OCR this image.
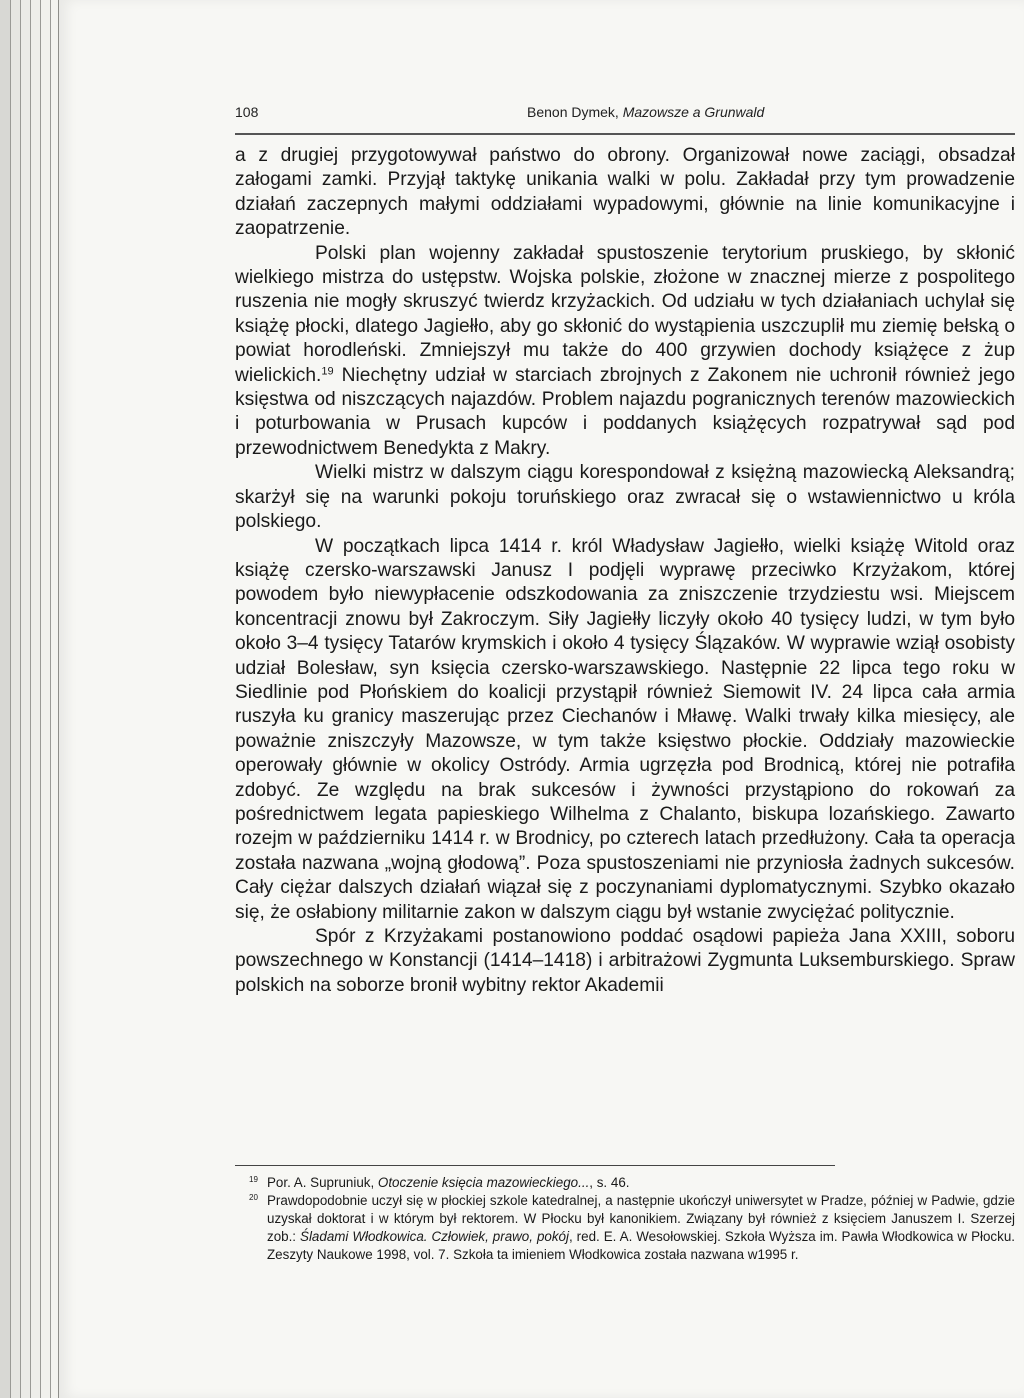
108	Benon Dymek, Mazowsze a Grunwald

a z drugiej przygotowywał państwo do obrony. Organizował nowe zaciągi, obsadzał załogami zamki. Przyjął taktykę unikania walki w polu. Zakładał przy tym prowadzenie działań zaczepnych małymi oddziałami wypadowymi, głównie na linie komunikacyjne i zaopatrzenie.

Polski plan wojenny zakładał spustoszenie terytorium pruskiego, by skłonić wielkiego mistrza do ustępstw. Wojska polskie, złożone w znacznej mierze z pospolitego ruszenia nie mogły skruszyć twierdz krzyżackich. Od udziału w tych działaniach uchylał się książę płocki, dlatego Jagiełło, aby go skłonić do wystąpienia uszczuplił mu ziemię bełską o powiat horodleński. Zmniejszył mu także do 400 grzywien dochody książęce z żup wielickich.$^{19}$ Niechętny udział w starciach zbrojnych z Zakonem nie uchronił również jego księstwa od niszczących najazdów. Problem najazdu pogranicznych terenów mazowieckich i poturbowania w Prusach kupców i poddanych książęcych rozpatrywał sąd pod przewodnictwem Benedykta z Makry.

Wielki mistrz w dalszym ciągu korespondował z księżną mazowiecką Aleksandrą; skarżył się na warunki pokoju toruńskiego oraz zwracał się o wstawiennictwo u króla polskiego.

W początkach lipca 1414 r. król Władysław Jagiełło, wielki książę Witold oraz książę czersko-warszawski Janusz I podjęli wyprawę przeciwko Krzyżakom, której powodem było niewypłacenie odszkodowania za zniszczenie trzydziestu wsi. Miejscem koncentracji znowu był Zakroczym. Siły Jagiełły liczyły około 40 tysięcy ludzi, w tym było około 3–4 tysięcy Tatarów krymskich i około 4 tysięcy Ślązaków. W wyprawie wziął osobisty udział Bolesław, syn księcia czersko-warszawskiego. Następnie 22 lipca tego roku w Siedlinie pod Płońskiem do koalicji przystąpił również Siemowit IV. 24 lipca cała armia ruszyła ku granicy maszerując przez Ciechanów i Mławę. Walki trwały kilka miesięcy, ale poważnie zniszczyły Mazowsze, w tym także księstwo płockie. Oddziały mazowieckie operowały głównie w okolicy Ostródy. Armia ugrzęzła pod Brodnicą, której nie potrafiła zdobyć. Ze względu na brak sukcesów i żywności przystąpiono do rokowań za pośrednictwem legata papieskiego Wilhelma z Chalanto, biskupa lozańskiego. Zawarto rozejm w październiku 1414 r. w Brodnicy, po czterech latach przedłużony. Cała ta operacja została nazwana „wojną głodową”. Poza spustoszeniami nie przyniosła żadnych sukcesów. Cały ciężar dalszych działań wiązał się z poczynaniami dyplomatycznymi. Szybko okazało się, że osłabiony militarnie zakon w dalszym ciągu był wstanie zwyciężać politycznie.

Spór z Krzyżakami postanowiono poddać osądowi papieża Jana XXIII, soboru powszechnego w Konstancji (1414–1418) i arbitrażowi Zygmunta Luksemburskiego. Spraw polskich na soborze bronił wybitny rektor Akademii

19 Por. A. Supruniuk, Otoczenie księcia mazowieckiego..., s. 46.
20 Prawdopodobnie uczył się w płockiej szkole katedralnej, a następnie ukończył uniwersytet w Pradze, później w Padwie, gdzie uzyskał doktorat i w którym był rektorem. W Płocku był kanonikiem. Związany był również z księciem Januszem I. Szerzej zob.: Śladami Włodkowica. Człowiek, prawo, pokój, red. E. A. Wesołowskiej. Szkoła Wyższa im. Pawła Włodkowica w Płocku. Zeszyty Naukowe 1998, vol. 7. Szkoła ta imieniem Włodkowica została nazwana w1995 r.
